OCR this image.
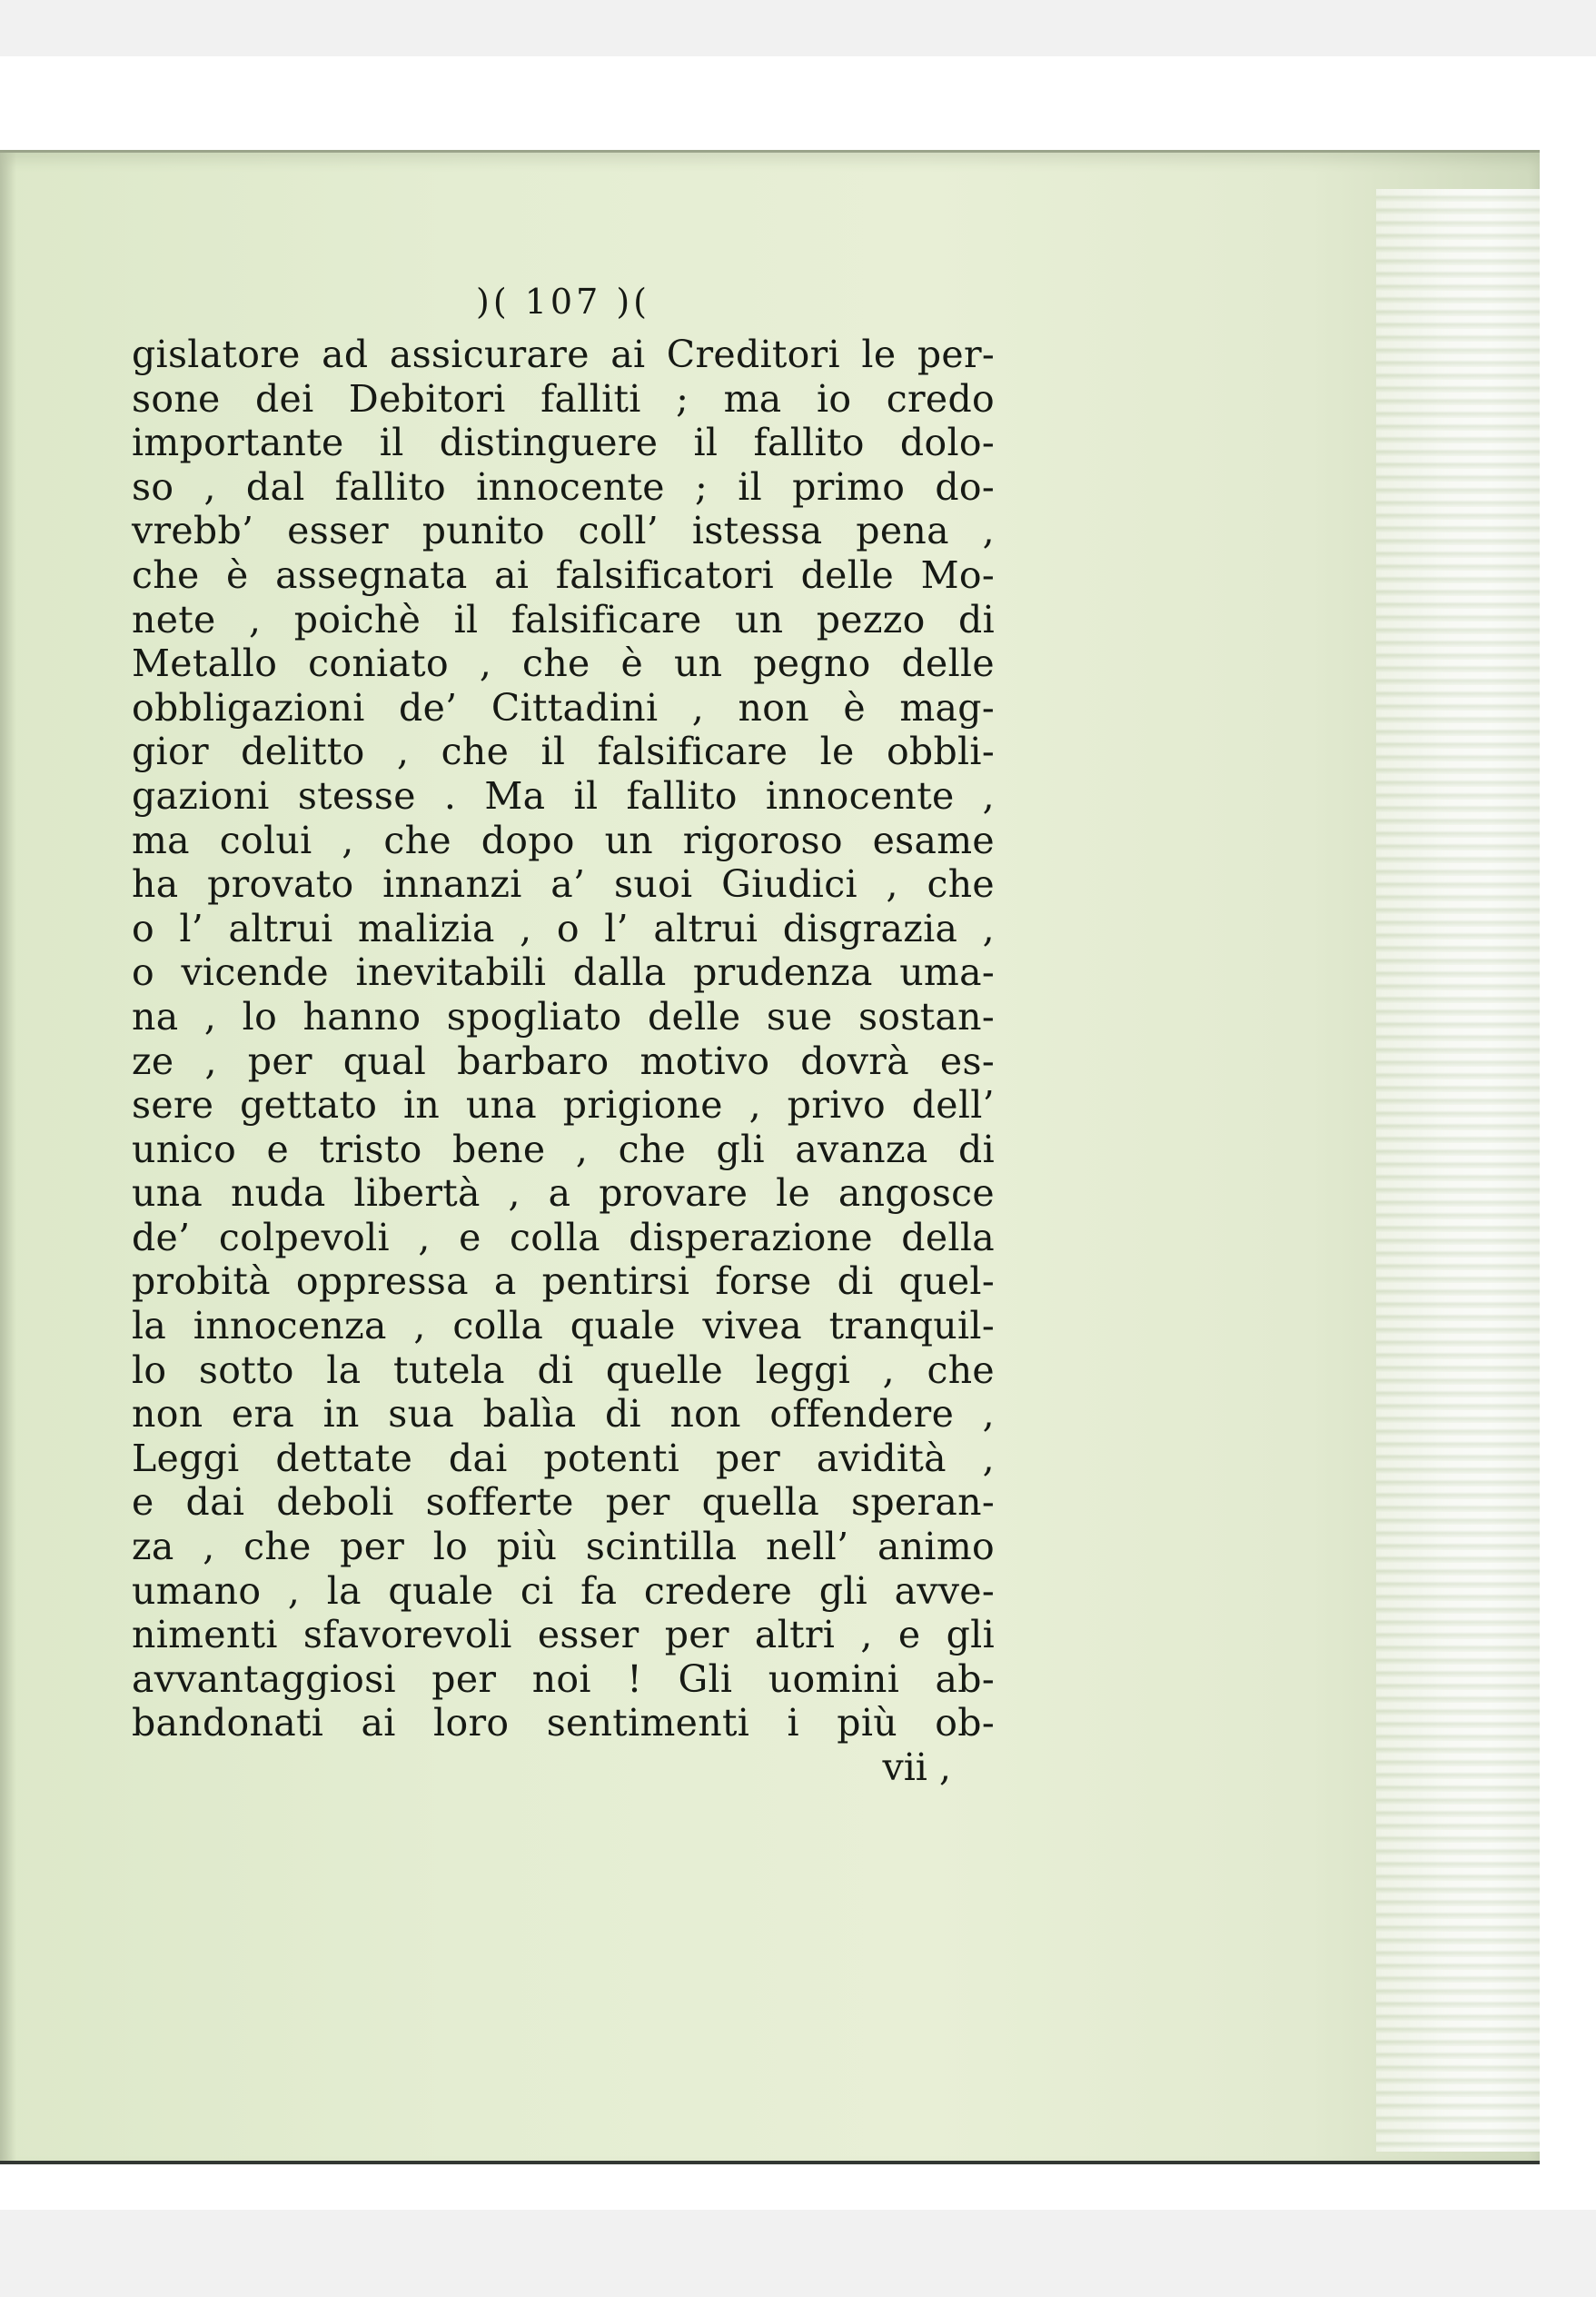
)( 107 )(
gislatore ad assicurare ai Creditori le per-
sone dei Debitori falliti ; ma io credo
importante il distinguere il fallito dolo-
so , dal fallito innocente ; il primo do-
vrebb’ esser punito coll’ istessa pena ,
che è assegnata ai falsificatori delle Mo-
nete , poichè il falsificare un pezzo di
Metallo coniato , che è un pegno delle
obbligazioni de’ Cittadini , non è mag-
gior delitto , che il falsificare le obbli-
gazioni stesse . Ma il fallito innocente ,
ma colui , che dopo un rigoroso esame
ha provato innanzi a’ suoi Giudici , che
o l’ altrui malizia , o l’ altrui disgrazia ,
o vicende inevitabili dalla prudenza uma-
na , lo hanno spogliato delle sue sostan-
ze , per qual barbaro motivo dovrà es-
sere gettato in una prigione , privo dell’
unico e tristo bene , che gli avanza di
una nuda libertà , a provare le angosce
de’ colpevoli , e colla disperazione della
probità oppressa a pentirsi forse di quel-
la innocenza , colla quale vivea tranquil-
lo sotto la tutela di quelle leggi , che
non era in sua balìa di non offendere ,
Leggi dettate dai potenti per avidità ,
e dai deboli sofferte per quella speran-
za , che per lo più scintilla nell’ animo
umano , la quale ci fa credere gli avve-
nimenti sfavorevoli esser per altri , e gli
avvantaggiosi per noi ! Gli uomini ab-
bandonati ai loro sentimenti i più ob-
vii ,
